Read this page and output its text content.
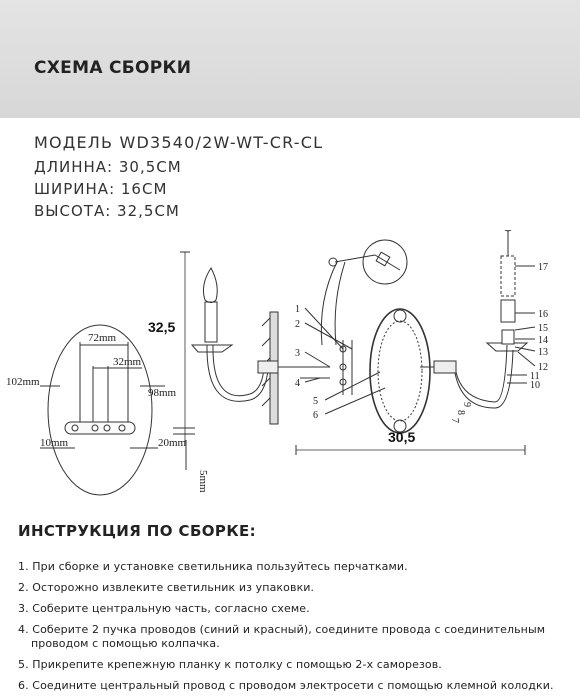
СХЕМА СБОРКИ
МОДЕЛЬ WD3540/2W-WT-CR-CL
ДЛИННА: 30,5СМ
ШИРИНА: 16СМ
ВЫСОТА: 32,5СМ
72mm
32mm
102mm
98mm
10mm	20mm
5mm
32,5
30,5
1
2
3
4
5
6	7
8
9
17
16
15
14
13
12
11
10
ИНСТРУКЦИЯ ПО СБОРКЕ:
1. При сборке и установке светильника пользуйтесь перчатками.
2. Осторожно извлеките светильник из упаковки.
3. Соберите центральную часть, согласно схеме.
4. Соберите 2 пучка проводов (синий и красный), соедините провода с соединительным
проводом с помощью колпачка.
5. Прикрепите крепежную планку к потолку с помощью 2-х саморезов.
6. Соедините центральный провод с проводом электросети с помощью клемной колодки.
